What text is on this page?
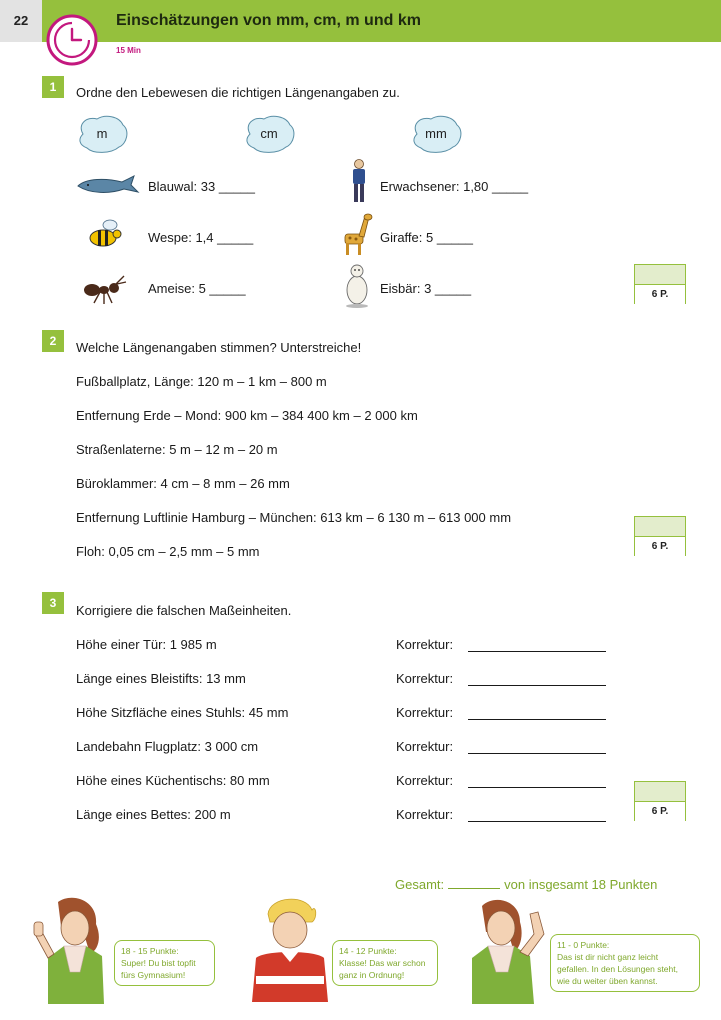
22	Einschätzungen von mm, cm, m und km
15 Min
1	Ordne den Lebewesen die richtigen Längenangaben zu.
m	cm	mm
Blauwal: 33 _____	Erwachsener: 1,80 _____
Wespe: 1,4 _____	Giraffe: 5 _____
Ameise: 5 _____	Eisbär: 3 _____	6 P.
2	Welche Längenangaben stimmen? Unterstreiche!
Fußballplatz, Länge: 120 m – 1 km – 800 m
Entfernung Erde – Mond: 900 km – 384 400 km – 2 000 km
Straßenlaterne: 5 m – 12 m – 20 m
Büroklammer: 4 cm – 8 mm – 26 mm
Entfernung Luftlinie Hamburg – München: 613 km – 6 130 m – 613 000 mm
Floh: 0,05 cm – 2,5 mm – 5 mm	6 P.
3	Korrigiere die falschen Maßeinheiten.
Höhe einer Tür: 1 985 m	Korrektur:
Länge eines Bleistifts: 13 mm	Korrektur:
Höhe Sitzfläche eines Stuhls: 45 mm	Korrektur:
Landebahn Flugplatz: 3 000 cm	Korrektur:
Höhe eines Küchentischs: 80 mm	Korrektur:
Länge eines Bettes: 200 m	Korrektur:	6 P.
Gesamt:	von insgesamt 18 Punkten
18 - 15 Punkte:
Super! Du bist topfit
fürs Gymnasium!
14 - 12 Punkte:
Klasse! Das war schon
ganz in Ordnung!
11 - 0 Punkte:
Das ist dir nicht ganz leicht
gefallen. In den Lösungen steht,
wie du weiter üben kannst.
